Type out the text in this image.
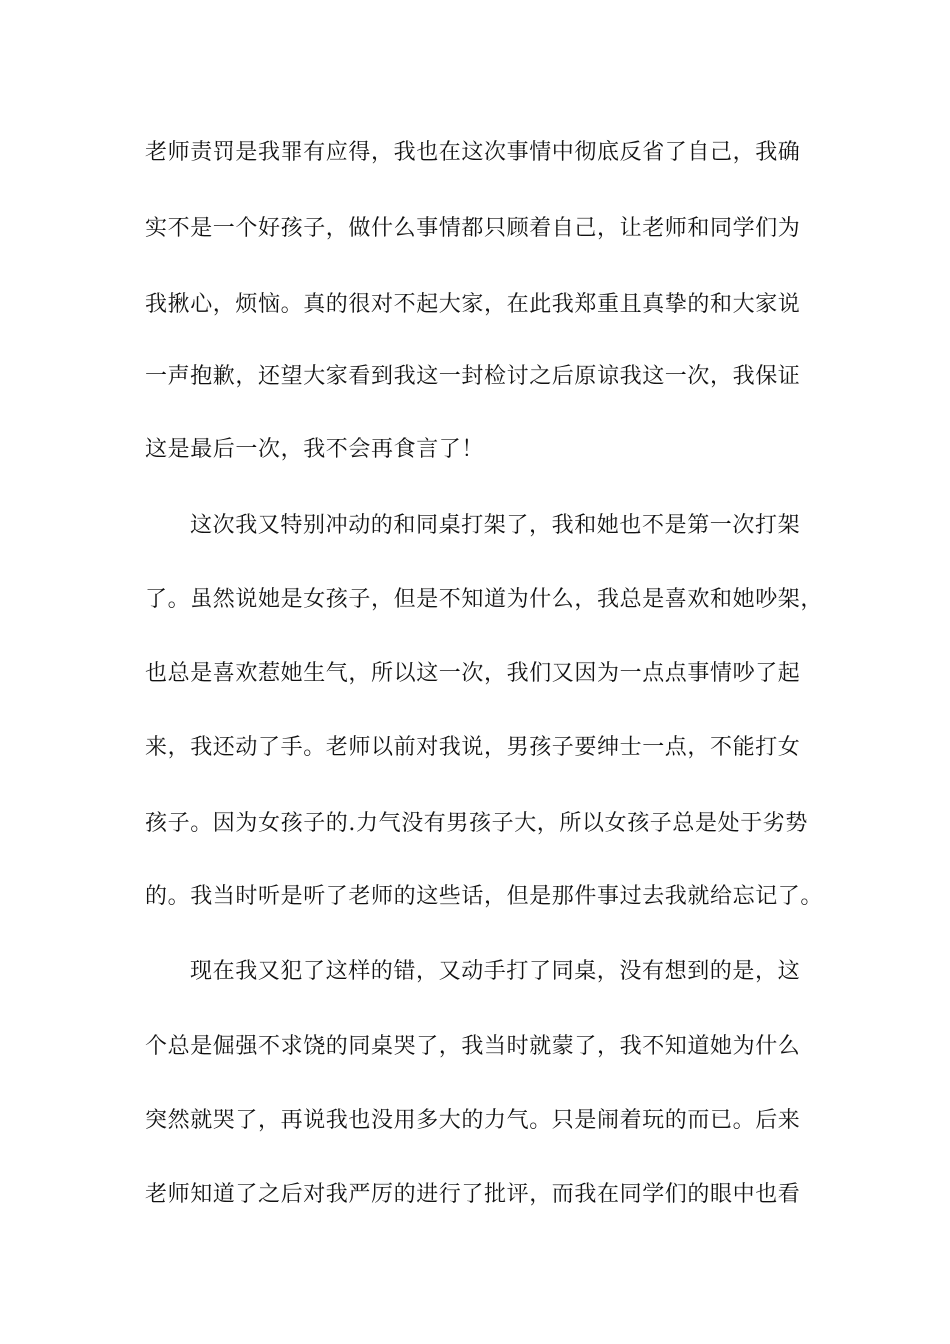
老师责罚是我罪有应得，我也在这次事情中彻底反省了自己，我确
实不是一个好孩子，做什么事情都只顾着自己，让老师和同学们为
我揪心，烦恼。真的很对不起大家，在此我郑重且真挚的和大家说
一声抱歉，还望大家看到我这一封检讨之后原谅我这一次，我保证
这是最后一次，我不会再食言了！
这次我又特别冲动的和同桌打架了，我和她也不是第一次打架
了。虽然说她是女孩子，但是不知道为什么，我总是喜欢和她吵架，
也总是喜欢惹她生气，所以这一次，我们又因为一点点事情吵了起
来，我还动了手。老师以前对我说，男孩子要绅士一点，不能打女
孩子。因为女孩子的.力气没有男孩子大，所以女孩子总是处于劣势
的。我当时听是听了老师的这些话，但是那件事过去我就给忘记了。
现在我又犯了这样的错，又动手打了同桌，没有想到的是，这
个总是倔强不求饶的同桌哭了，我当时就蒙了，我不知道她为什么
突然就哭了，再说我也没用多大的力气。只是闹着玩的而已。后来
老师知道了之后对我严厉的进行了批评，而我在同学们的眼中也看
